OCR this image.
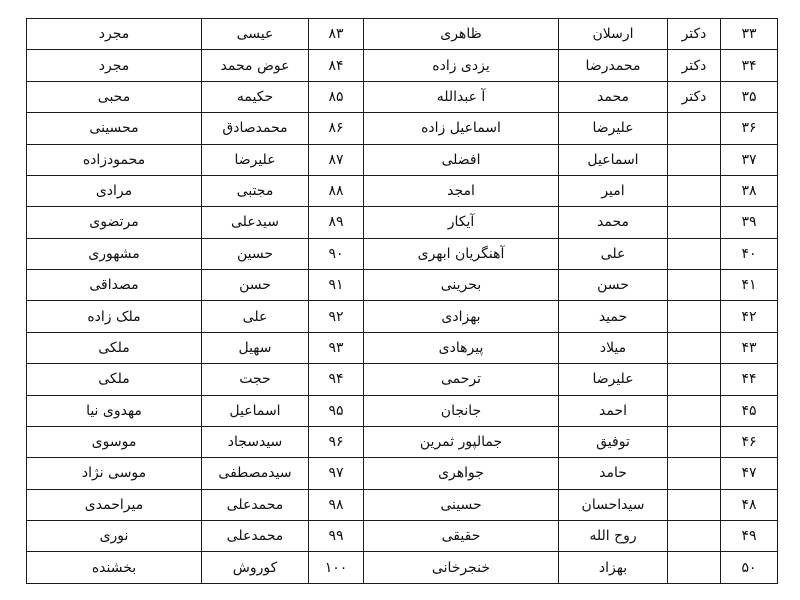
۳۳	دکتر	ارسلان	ظاهری	۸۳	عیسی	مجرد
۳۴	دکتر	محمدرضا	یزدی زاده	۸۴	عوض محمد	مجرد
۳۵	دکتر	محمد	آ عبدالله	۸۵	حکیمه	محبی
۳۶		علیرضا	اسماعیل زاده	۸۶	محمدصادق	محسینی
۳۷		اسماعیل	افضلی	۸۷	علیرضا	محمودزاده
۳۸		امیر	امجد	۸۸	مجتبی	مرادی
۳۹		محمد	آیکار	۸۹	سیدعلی	مرتضوی
۴۰		علی	آهنگریان ابهری	۹۰	حسین	مشهوری
۴۱		حسن	بحرینی	۹۱	حسن	مصداقی
۴۲		حمید	بهزادی	۹۲	علی	ملک زاده
۴۳		میلاد	پیرهادی	۹۳	سهیل	ملکی
۴۴		علیرضا	ترحمی	۹۴	حجت	ملکی
۴۵		احمد	جانجان	۹۵	اسماعیل	مهدوی نیا
۴۶		توفیق	جمالپور ثمرین	۹۶	سیدسجاد	موسوی
۴۷		حامد	جواهری	۹۷	سیدمصطفی	موسی نژاد
۴۸		سیداحسان	حسینی	۹۸	محمدعلی	میراحمدی
۴۹		روح الله	حقیقی	۹۹	محمدعلی	نوری
۵۰		بهزاد	خنجرخانی	۱۰۰	کوروش	بخشنده
